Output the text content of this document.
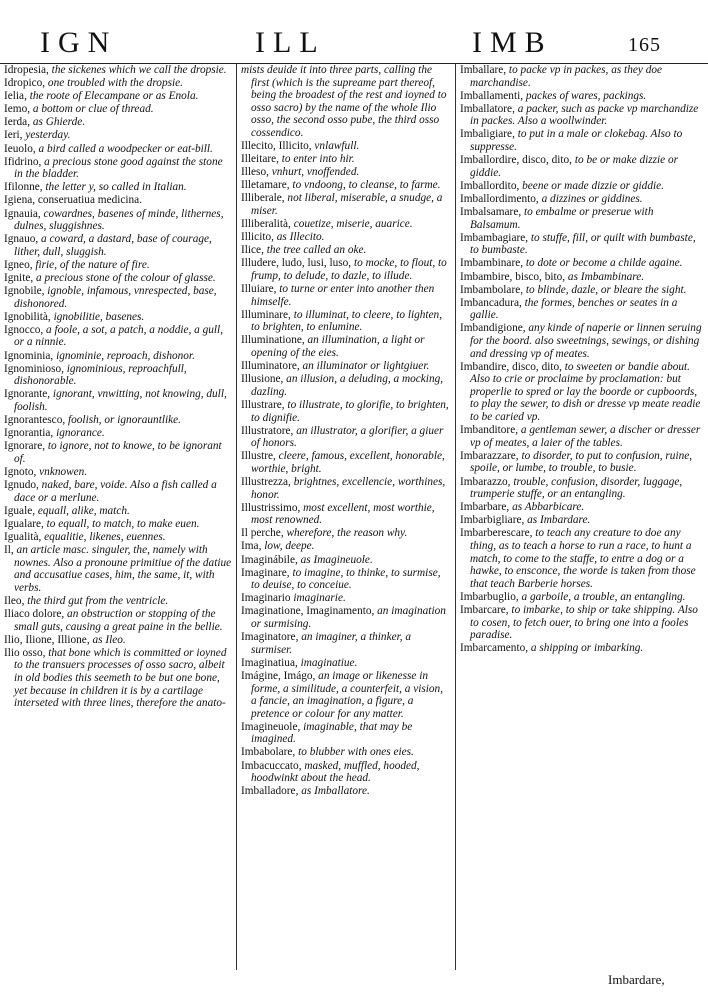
IGN	ILL	IMB	165
Idropesia, the sickenes which we call the dropsie.
Idropico, one troubled with the dropsie.
Ielia, the roote of Elecampane or as Enola.
Iemo, a bottom or clue of thread.
Ierda, as Ghierde.
Ieri, yesterday.
Ieuolo, a bird called a woodpecker or eat-bill.
Ifidrino, a precious stone good against the stone in the bladder.
Ifilonne, the letter y, so called in Italian.
Igiena, conseruatiua medicina.
Ignauia, cowardnes, basenes of minde, lithernes, dulnes, sluggishnes.
Ignauo, a coward, a dastard, base of courage, lither, dull, sluggish.
Igneo, firie, of the nature of fire.
Ignite, a precious stone of the colour of glasse.
Ignobile, ignoble, infamous, vnrespected, base, dishonored.
Ignobilità, ignobilitie, basenes.
Ignocco, a foole, a sot, a patch, a noddie, a gull, or a ninnie.
Ignominia, ignominie, reproach, dishonor.
Ignominioso, ignominious, reproachfull, dishonorable.
Ignorante, ignorant, vnwitting, not knowing, dull, foolish.
Ignorantesco, foolish, or ignorauntlike.
Ignorantia, ignorance.
Ignorare, to ignore, not to knowe, to be ignorant of.
Ignoto, vnknowen.
Ignudo, naked, bare, voide. Also a fish called a dace or a merlune.
Iguale, equall, alike, match.
Igualare, to equall, to match, to make euen.
Igualità, equalitie, likenes, euennes.
Il, an article masc. singuler, the, namely with nownes. Also a pronoune primitiue of the datiue and accusatiue cases, him, the same, it, with verbs.
Ileo, the third gut from the ventricle.
Iliaco dolore, an obstruction or stopping of the small guts, causing a great paine in the bellie.
Ilio, Ilione, Illione, as Ileo.
Ilio osso, that bone which is committed or ioyned to the transuers processes of osso sacro, albeit in old bodies this seemeth to be but one bone, yet because in children it is by a cartilage interseted with three lines, therefore the anato-
mists deuide it into three parts, calling the first (which is the supreame part thereof, being the broadest of the rest and ioyned to osso sacro) by the name of the whole Ilio osso, the second osso pube, the third osso cossendico.
Illecito, Illicito, vnlawfull.
Illeitare, to enter into hir.
Illeso, vnhurt, vnoffended.
Illetamare, to vndoong, to cleanse, to farme.
Illiberale, not liberal, miserable, a snudge, a miser.
Illiberalità, couetize, miserie, auarice.
Illicito, as Illecito.
Ilice, the tree called an oke.
Illudere, ludo, lusi, luso, to mocke, to flout, to frump, to delude, to dazle, to illude.
Illuiare, to turne or enter into another then himselfe.
Illuminare, to illuminat, to cleere, to lighten, to brighten, to enlumine.
Illuminatione, an illumination, a light or opening of the eies.
Illuminatore, an illuminator or lightgiuer.
Illusione, an illusion, a deluding, a mocking, dazling.
Illustrare, to illustrate, to glorifie, to brighten, to dignifie.
Illustratore, an illustrator, a glorifier, a giuer of honors.
Illustre, cleere, famous, excellent, honorable, worthie, bright.
Illustrezza, brightnes, excellencie, worthines, honor.
Illustrissimo, most excellent, most worthie, most renowned.
Il perche, wherefore, the reason why.
Ima, low, deepe.
Imaginábile, as Imagineuole.
Imaginare, to imagine, to thinke, to surmise, to deuise, to conceiue.
Imaginario imaginarie.
Imaginatione, Imaginamento, an imagination or surmising.
Imaginatore, an imaginer, a thinker, a surmiser.
Imaginatiua, imaginatiue.
Imágine, Imágo, an image or likenesse in forme, a similitude, a counterfeit, a vision, a fancie, an imagination, a figure, a pretence or colour for any matter.
Imagineuole, imaginable, that may be imagined.
Imbabolare, to blubber with ones eies.
Imbacuccato, masked, muffled, hooded, hoodwinkt about the head.
Imballadore, as Imballatore.
Imballare, to packe vp in packes, as they doe marchandise.
Imballamenti, packes of wares, packings.
Imballatore, a packer, such as packe vp marchandize in packes. Also a woollwinder.
Imbaligiare, to put in a male or clokebag. Also to suppresse.
Imballordire, disco, dito, to be or make dizzie or giddie.
Imballordito, beene or made dizzie or giddie.
Imballordimento, a dizzines or giddines.
Imbalsamare, to embalme or preserue with Balsamum.
Imbambagiare, to stuffe, fill, or quilt with bumbaste, to bumbaste.
Imbambinare, to dote or become a childe againe.
Imbambire, bisco, bito, as Imbambinare.
Imbambolare, to blinde, dazle, or bleare the sight.
Imbancadura, the formes, benches or seates in a gallie.
Imbandigione, any kinde of naperie or linnen seruing for the boord. also sweetnings, sewings, or dishing and dressing vp of meates.
Imbandire, disco, dito, to sweeten or bandie about. Also to crie or proclaime by proclamation: but properlie to spred or lay the boorde or cupboords, to play the sewer, to dish or dresse vp meate readie to be caried vp.
Imbanditore, a gentleman sewer, a discher or dresser vp of meates, a laier of the tables.
Imbarazzare, to disorder, to put to confusion, ruine, spoile, or lumbe, to trouble, to busie.
Imbarazzo, trouble, confusion, disorder, luggage, trumperie stuffe, or an entangling.
Imbarbare, as Abbarbicare.
Imbarbigliare, as Imbardare.
Imbarberescare, to teach any creature to doe any thing, as to teach a horse to run a race, to hunt a match, to come to the staffe, to entre a dog or a hawke, to ensconce, the worde is taken from those that teach Barberie horses.
Imbarbuglio, a garboile, a trouble, an entangling.
Imbarcare, to imbarke, to ship or take shipping. Also to cosen, to fetch ouer, to bring one into a fooles paradise.
Imbarcamento, a shipping or imbarking.
Imbardare,
